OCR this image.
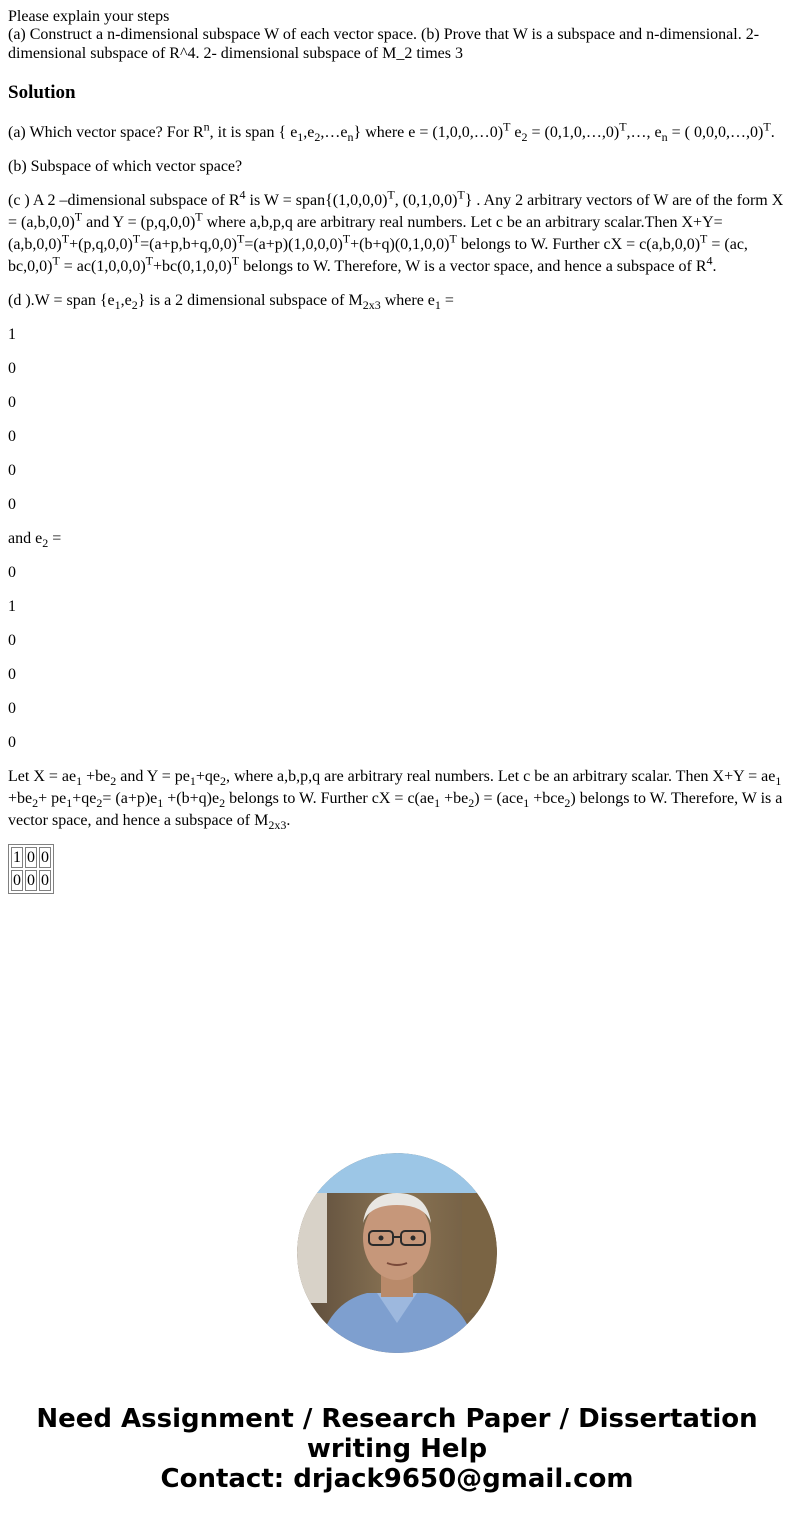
Please explain your steps
(a) Construct a n-dimensional subspace W of each vector space. (b) Prove that W is a subspace and n-dimensional. 2-dimensional subspace of R^4. 2- dimensional subspace of M_2 times 3
Solution

(a) Which vector space? For $R^n$, it is span { $e_1,e_2,\dots e_n$} where e = (1,0,0,…0)$^T$ $e_2$ = (0,1,0,…,0)$^T$,…, $e_n$ = ( 0,0,0,…,0)$^T$.

(b) Subspace of which vector space?

(c ) A 2 –dimensional subspace of $R^4$ is $W = span\{(1,0,0,0)^T$, $(0,1,0,0)^T$} . Any 2 arbitrary vectors of W are of the form $X = (a,b,0,0)^T$ and $Y = (p,q,0,0)^T$ where a,b,p,q are arbitrary real numbers. Let c be an arbitrary scalar.Then $X+Y= (a,b,0,0)^T+(p,q,0,0)^T=(a+p,b+q,0,0)^T=(a+p)(1,0,0,0)^T+(b+q)(0,1,0,0)^T$ belongs to W. Further cX = $c(a,b,0,0)^T = (ac$, $bc,0,0)^T = ac(1,0,0,0)^T+bc(0,1,0,0)^T$ belongs to W. Therefore, W is a vector space, and hence a subspace of $R^4$.

(d ).W = span $\{e_1,e_2\}$ is a 2 dimensional subspace of $M_{2x3}$ where $e_1$ =

1

0

0

0

0

0

and $e_2$ =

0

1

0

0

0

0

Let $X = ae_1 +be_2$ and $Y = pe_1+qe_2$, where a,b,p,q are arbitrary real numbers. Let c be an arbitrary scalar. Then $X+Y = ae_1 +be_2+ pe_1+qe_2= (a+p)e_1 +(b+q)e_2$ belongs to W. Further cX = $c(ae_1 +be_2) = (ace_1 +bce_2)$ belongs to W. Therefore, W is a vector space, and hence a subspace of $M_{2x3}$.

1	0	0
0	0	0
Need Assignment / Research Paper / Dissertation
writing Help
Contact: drjack9650@gmail.com
